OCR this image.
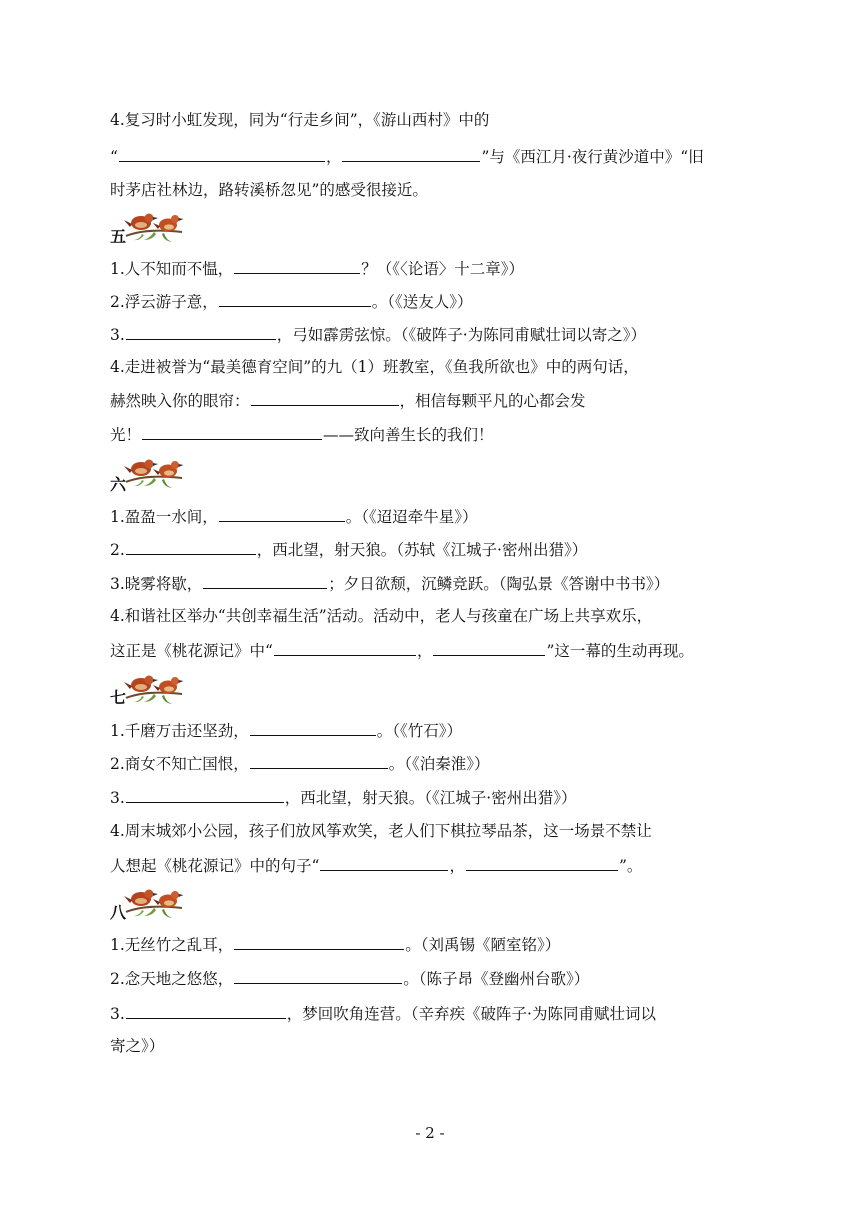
4.复习时小虹发现，同为“行走乡间”，《游山西村》中的
“	，	”与《西江月·夜行黄沙道中》“旧
时茅店社林边，路转溪桥忽见”的感受很接近。
五
1.人不知而不愠，	？（《〈论语〉十二章》）
2.浮云游子意，	。（《送友人》）
3.	，弓如霹雳弦惊。（《破阵子·为陈同甫赋壮词以寄之》）
4.走进被誉为“最美德育空间”的九（1）班教室，《鱼我所欲也》中的两句话，
赫然映入你的眼帘：	，相信每颗平凡的心都会发
光！	——致向善生长的我们！
六
1.盈盈一水间，	。（《迢迢牵牛星》）
2.	，西北望，射天狼。（苏轼《江城子·密州出猎》）
3.晓雾将歇，	；夕日欲颓，沉鳞竞跃。（陶弘景《答谢中书书》）
4.和谐社区举办“共创幸福生活”活动。活动中，老人与孩童在广场上共享欢乐，
这正是《桃花源记》中“	，	”这一幕的生动再现。
七
1.千磨万击还坚劲，	。（《竹石》）
2.商女不知亡国恨，	。（《泊秦淮》）
3.	，西北望，射天狼。（《江城子·密州出猎》）
4.周末城郊小公园，孩子们放风筝欢笑，老人们下棋拉琴品茶，这一场景不禁让
人想起《桃花源记》中的句子“	，	”。
八
1.无丝竹之乱耳，	。（刘禹锡《陋室铭》）
2.念天地之悠悠，	。（陈子昂《登幽州台歌》）
3.	，梦回吹角连营。（辛弃疾《破阵子·为陈同甫赋壮词以
寄之》）
- 2 -
